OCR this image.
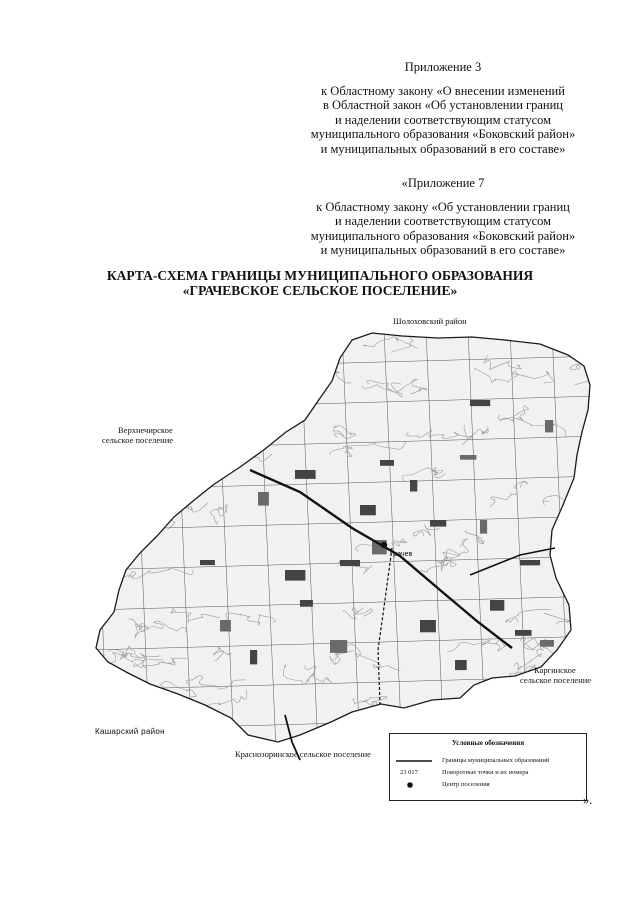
Приложение 3
к Областному закону «О внесении изменений
в Областной закон «Об установлении границ
и наделении соответствующим статусом
муниципального образования «Боковский район»
и муниципальных образований в его составе»
«Приложение 7
к Областному закону «Об установлении границ
и наделении соответствующим статусом
муниципального образования «Боковский район»
и муниципальных образований в его составе»
КАРТА-СХЕМА ГРАНИЦЫ МУНИЦИПАЛЬНОГО ОБРАЗОВАНИЯ
«ГРАЧЕВСКОЕ СЕЛЬСКОЕ ПОСЕЛЕНИЕ»
Грачев
Шолоховский район
Верхнечирское
сельское поселение
Каргинское
сельское поселение
Кашарский район
Краснозоринское сельское поселение
Условные обозначения
Границы муниципальных образований
23 017	Поворотные точки и их номера
Центр поселения
».
